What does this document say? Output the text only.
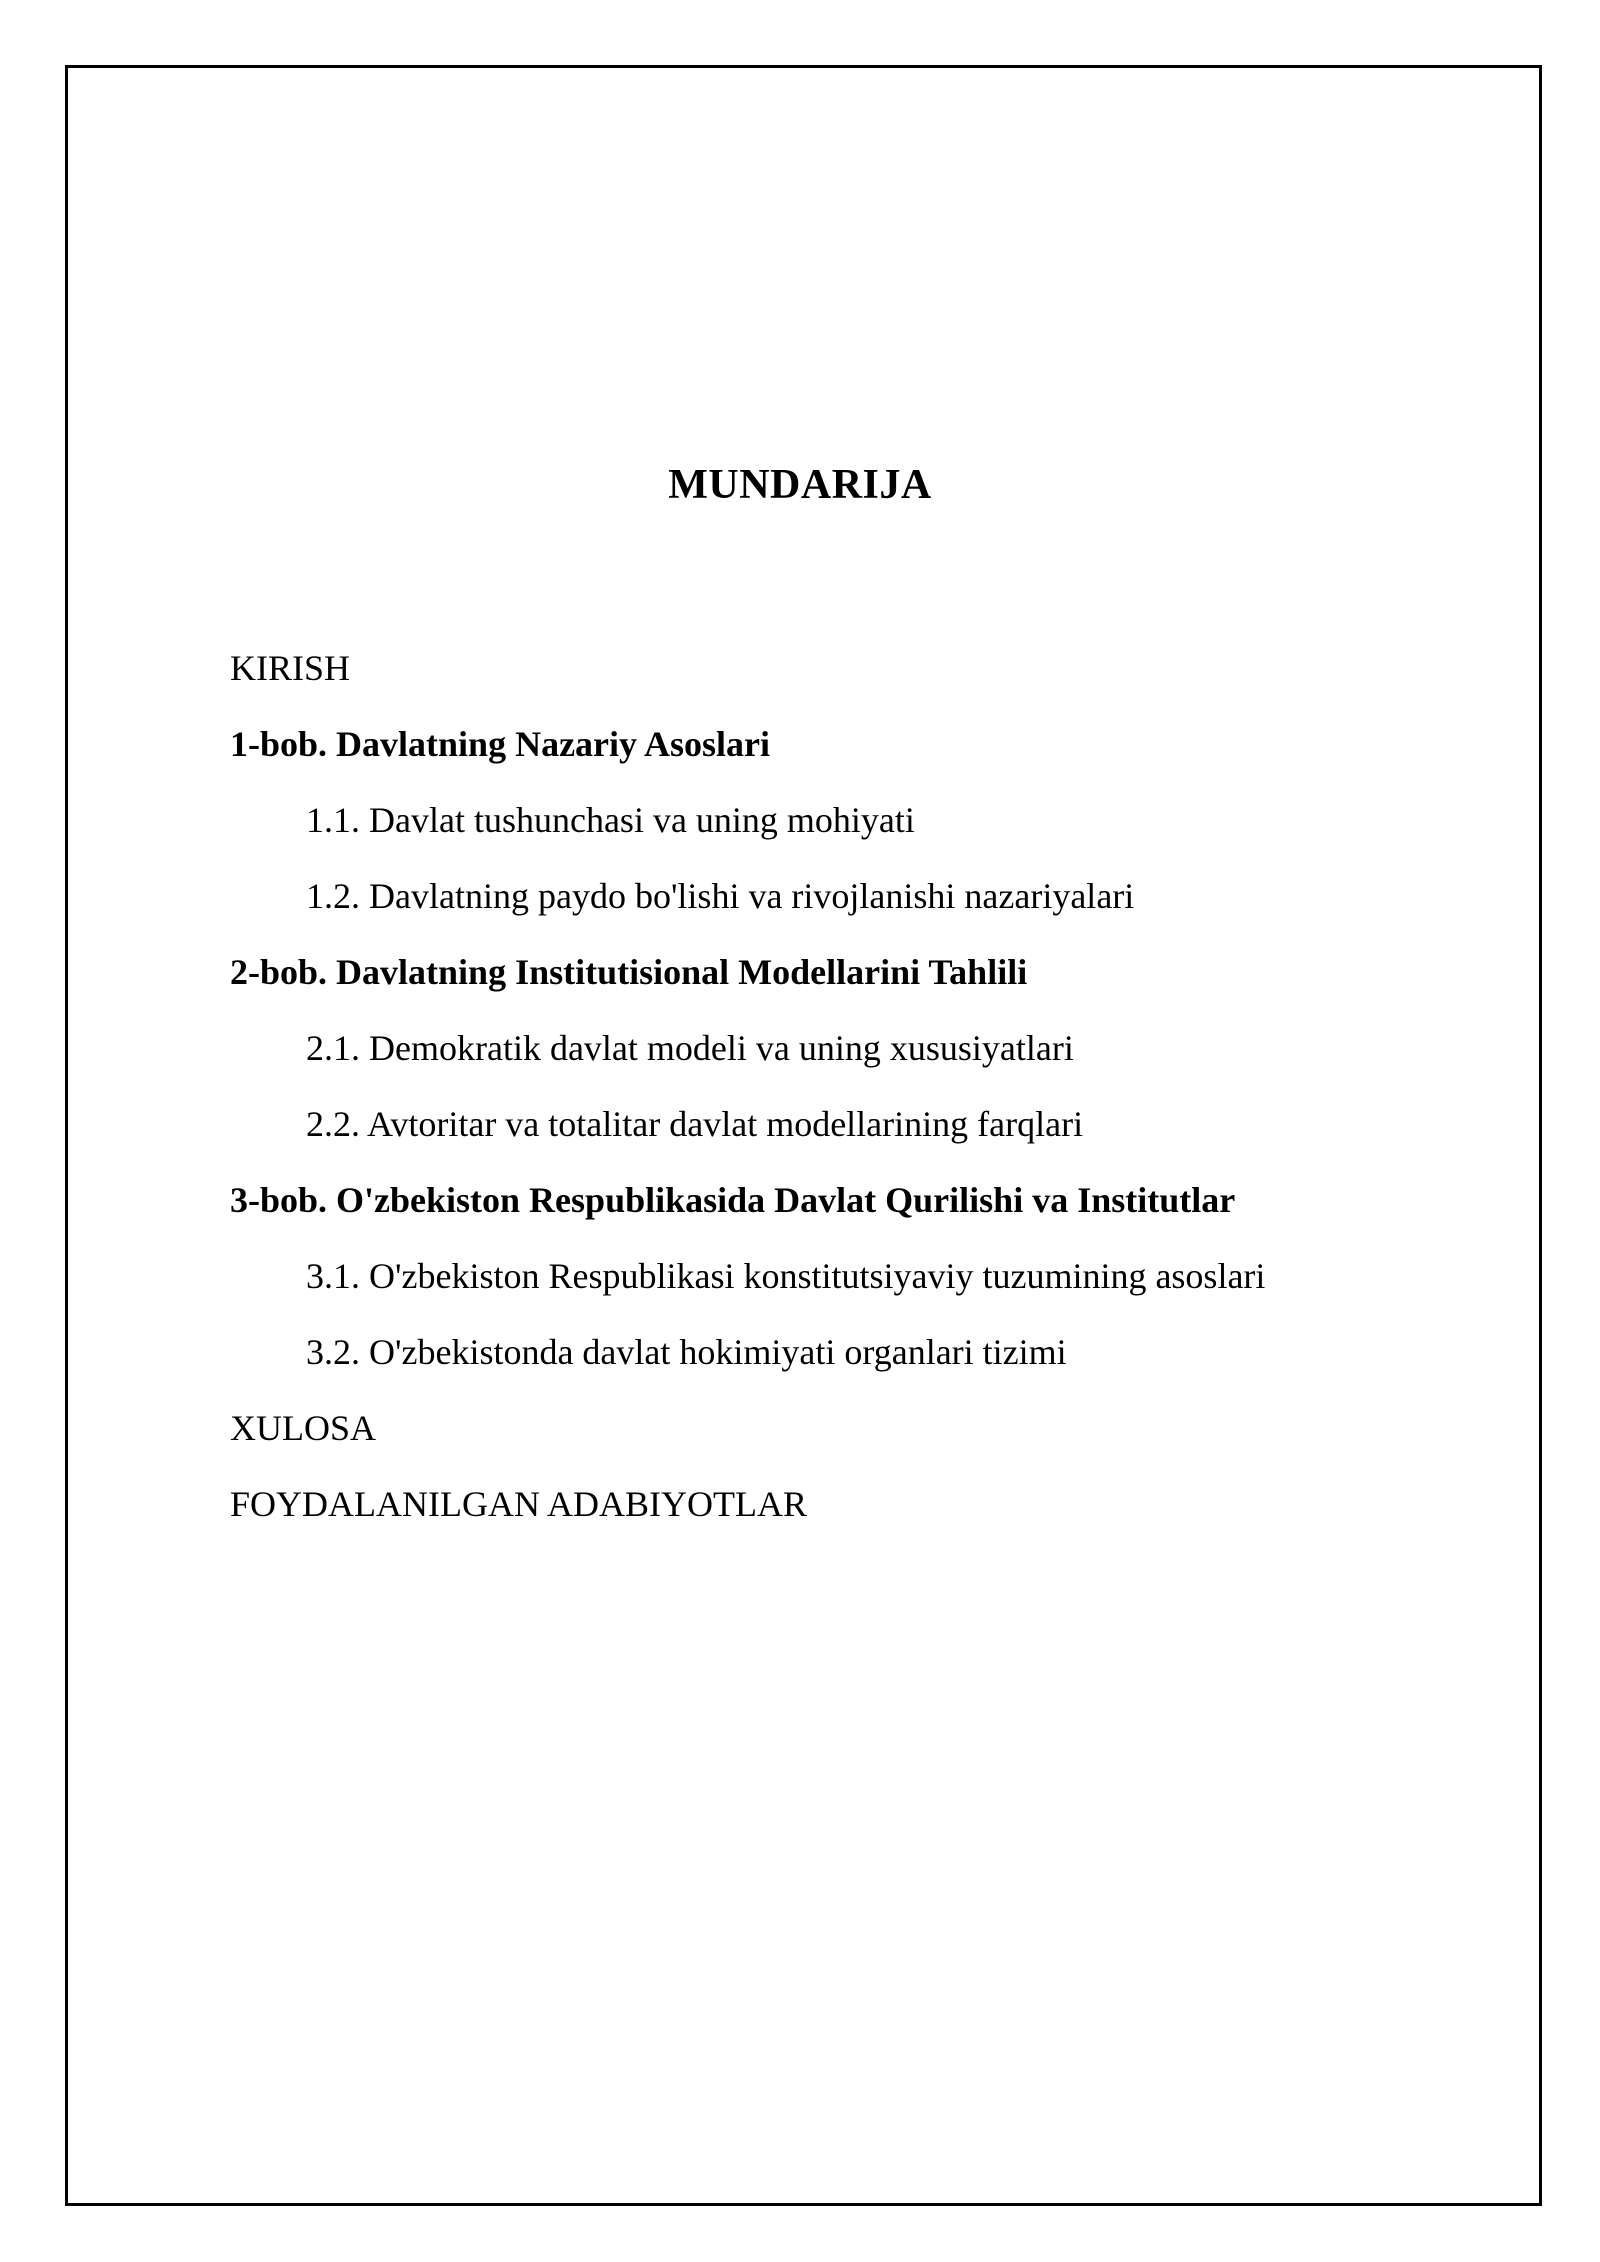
MUNDARIJA
KIRISH
1-bob. Davlatning Nazariy Asoslari
1.1. Davlat tushunchasi va uning mohiyati
1.2. Davlatning paydo bo'lishi va rivojlanishi nazariyalari
2-bob. Davlatning Institutisional Modellarini Tahlili
2.1. Demokratik davlat modeli va uning xususiyatlari
2.2. Avtoritar va totalitar davlat modellarining farqlari
3-bob. O'zbekiston Respublikasida Davlat Qurilishi va Institutlar
3.1. O'zbekiston Respublikasi konstitutsiyaviy tuzumining asoslari
3.2. O'zbekistonda davlat hokimiyati organlari tizimi
XULOSA
FOYDALANILGAN ADABIYOTLAR
